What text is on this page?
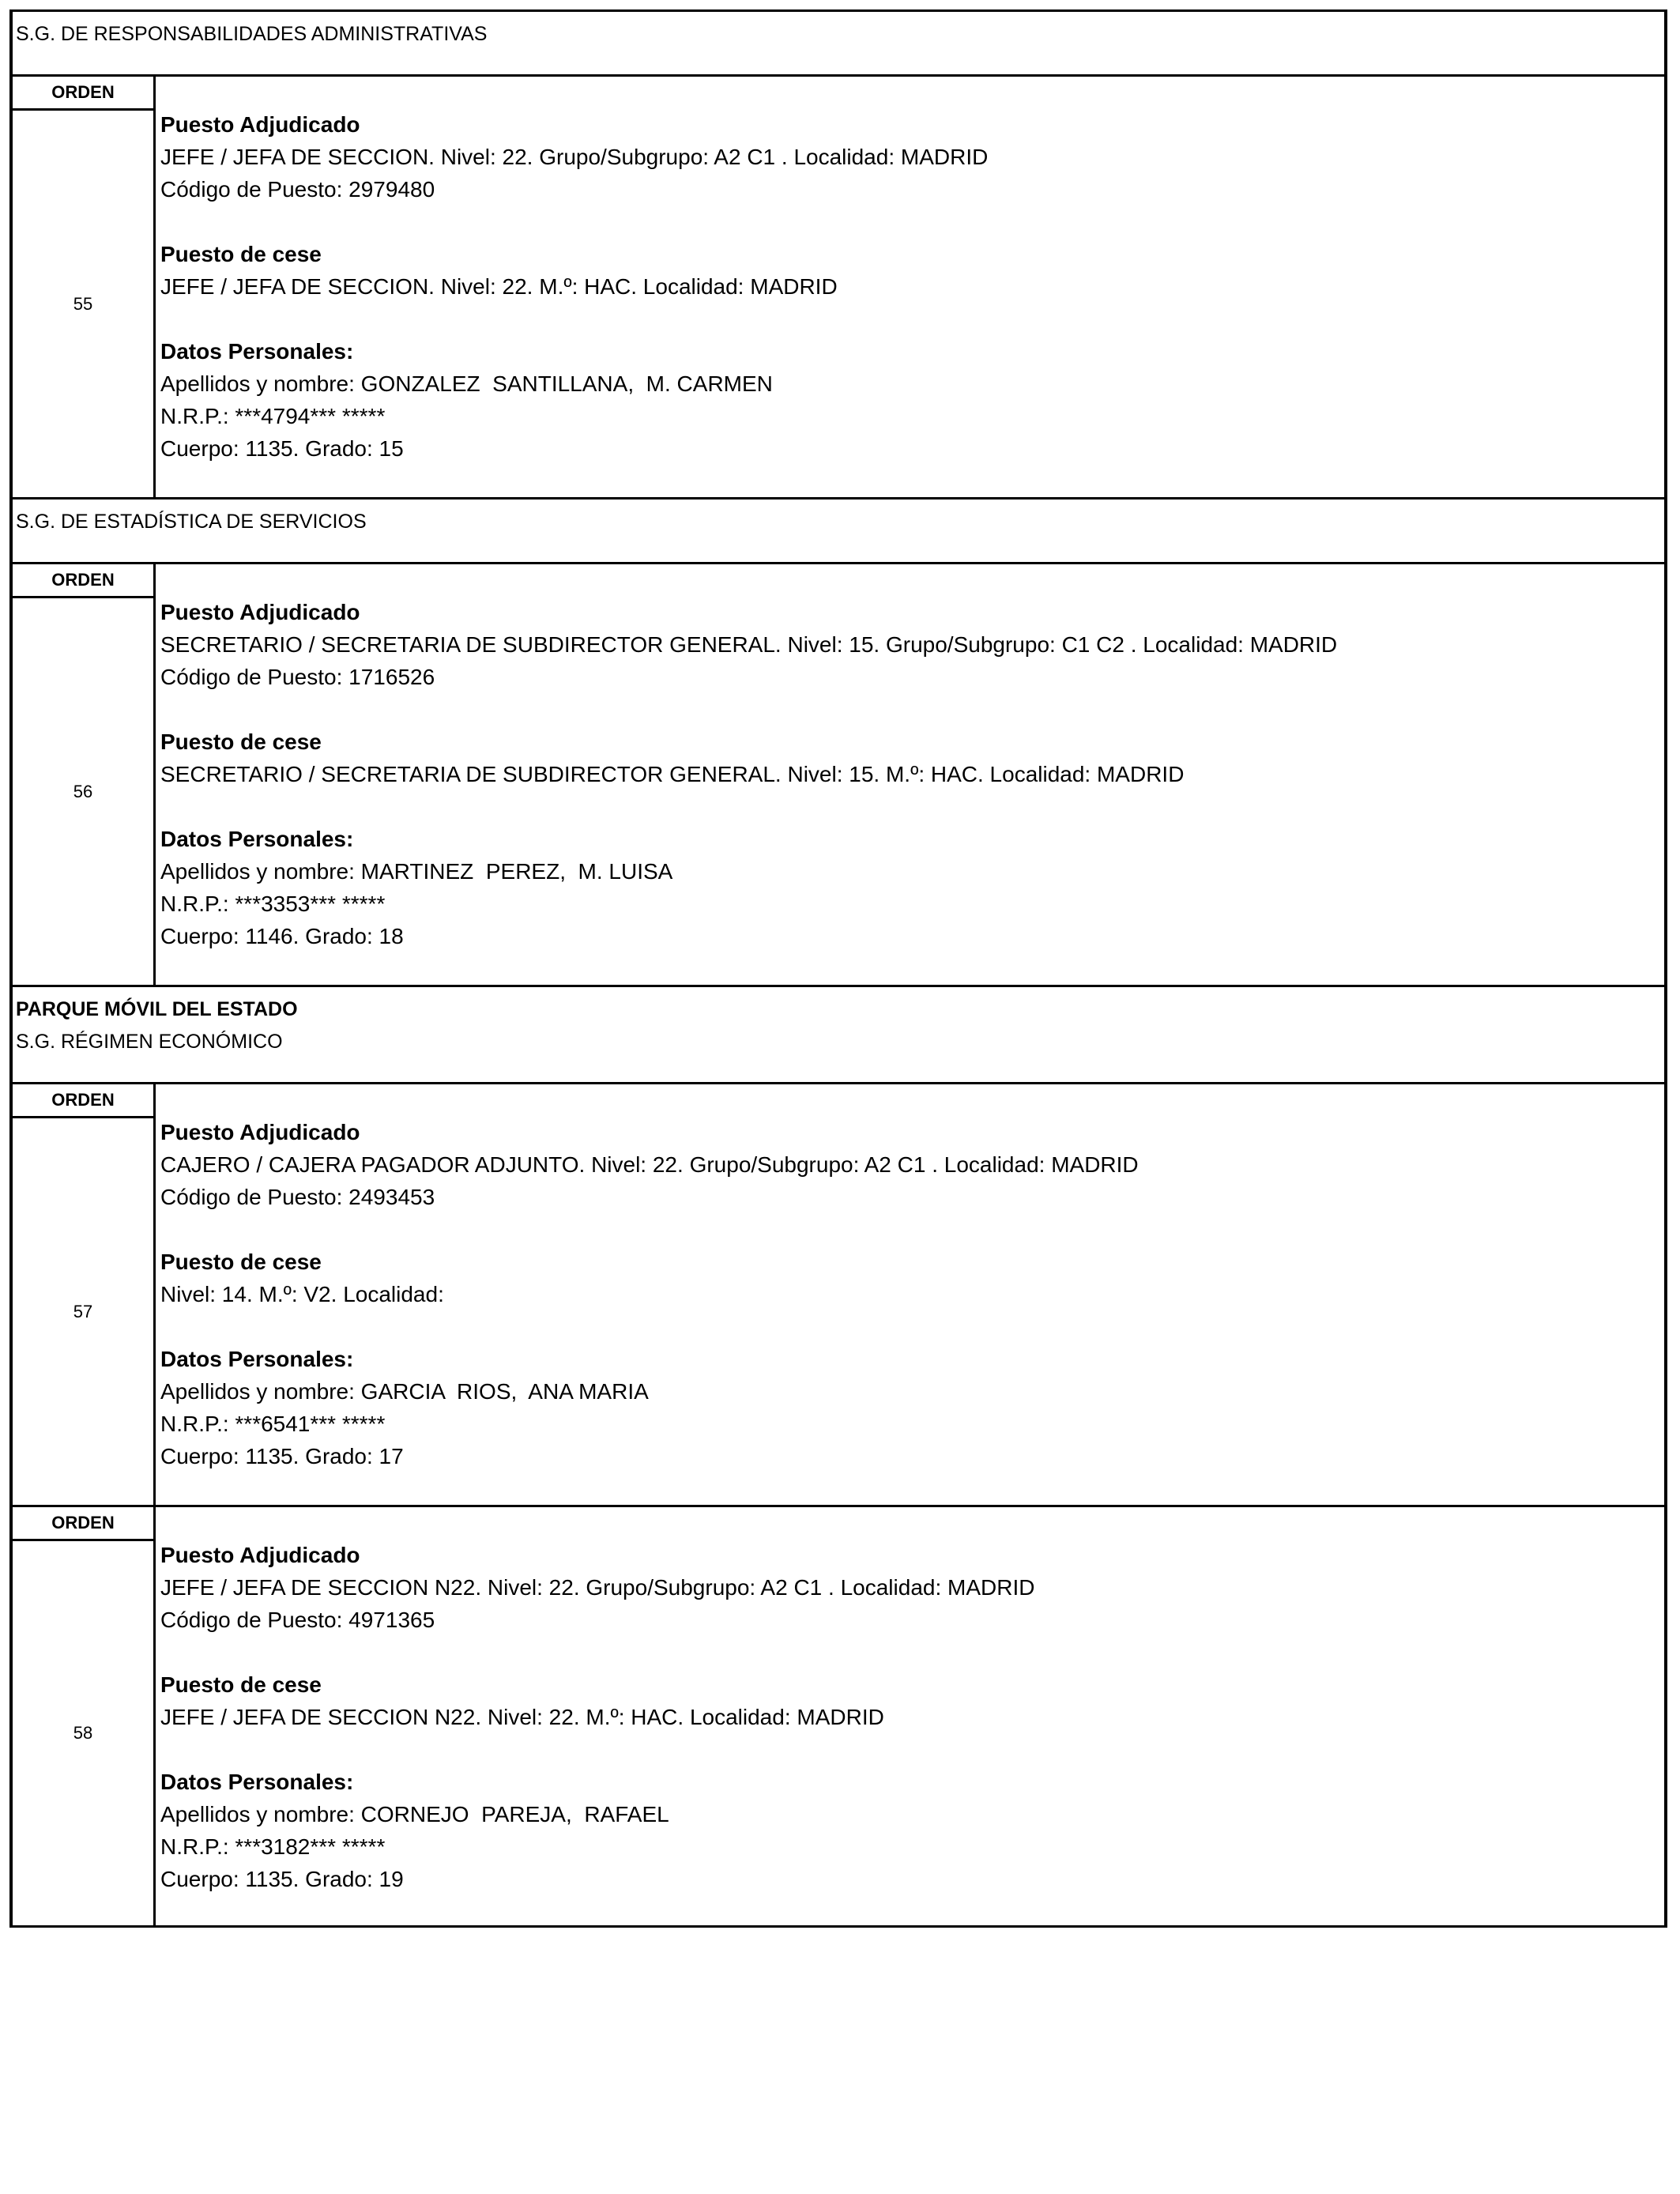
S.G. DE RESPONSABILIDADES ADMINISTRATIVAS
ORDEN
55
Puesto Adjudicado
JEFE / JEFA DE SECCION. Nivel: 22. Grupo/Subgrupo: A2 C1 . Localidad: MADRID
Código de Puesto: 2979480
Puesto de cese
JEFE / JEFA DE SECCION. Nivel: 22. M.º: HAC. Localidad: MADRID
Datos Personales:
Apellidos y nombre: GONZALEZ  SANTILLANA,  M. CARMEN
N.R.P.: ***4794*** *****
Cuerpo: 1135. Grado: 15
S.G. DE ESTADÍSTICA DE SERVICIOS
ORDEN
56
Puesto Adjudicado
SECRETARIO / SECRETARIA DE SUBDIRECTOR GENERAL. Nivel: 15. Grupo/Subgrupo: C1 C2 . Localidad: MADRID
Código de Puesto: 1716526
Puesto de cese
SECRETARIO / SECRETARIA DE SUBDIRECTOR GENERAL. Nivel: 15. M.º: HAC. Localidad: MADRID
Datos Personales:
Apellidos y nombre: MARTINEZ  PEREZ,  M. LUISA
N.R.P.: ***3353*** *****
Cuerpo: 1146. Grado: 18
PARQUE MÓVIL DEL ESTADO
S.G. RÉGIMEN ECONÓMICO
ORDEN
57
Puesto Adjudicado
CAJERO / CAJERA PAGADOR ADJUNTO. Nivel: 22. Grupo/Subgrupo: A2 C1 . Localidad: MADRID
Código de Puesto: 2493453
Puesto de cese
Nivel: 14. M.º: V2. Localidad:
Datos Personales:
Apellidos y nombre: GARCIA  RIOS,  ANA MARIA
N.R.P.: ***6541*** *****
Cuerpo: 1135. Grado: 17
ORDEN
58
Puesto Adjudicado
JEFE / JEFA DE SECCION N22. Nivel: 22. Grupo/Subgrupo: A2 C1 . Localidad: MADRID
Código de Puesto: 4971365
Puesto de cese
JEFE / JEFA DE SECCION N22. Nivel: 22. M.º: HAC. Localidad: MADRID
Datos Personales:
Apellidos y nombre: CORNEJO  PAREJA,  RAFAEL
N.R.P.: ***3182*** *****
Cuerpo: 1135. Grado: 19
